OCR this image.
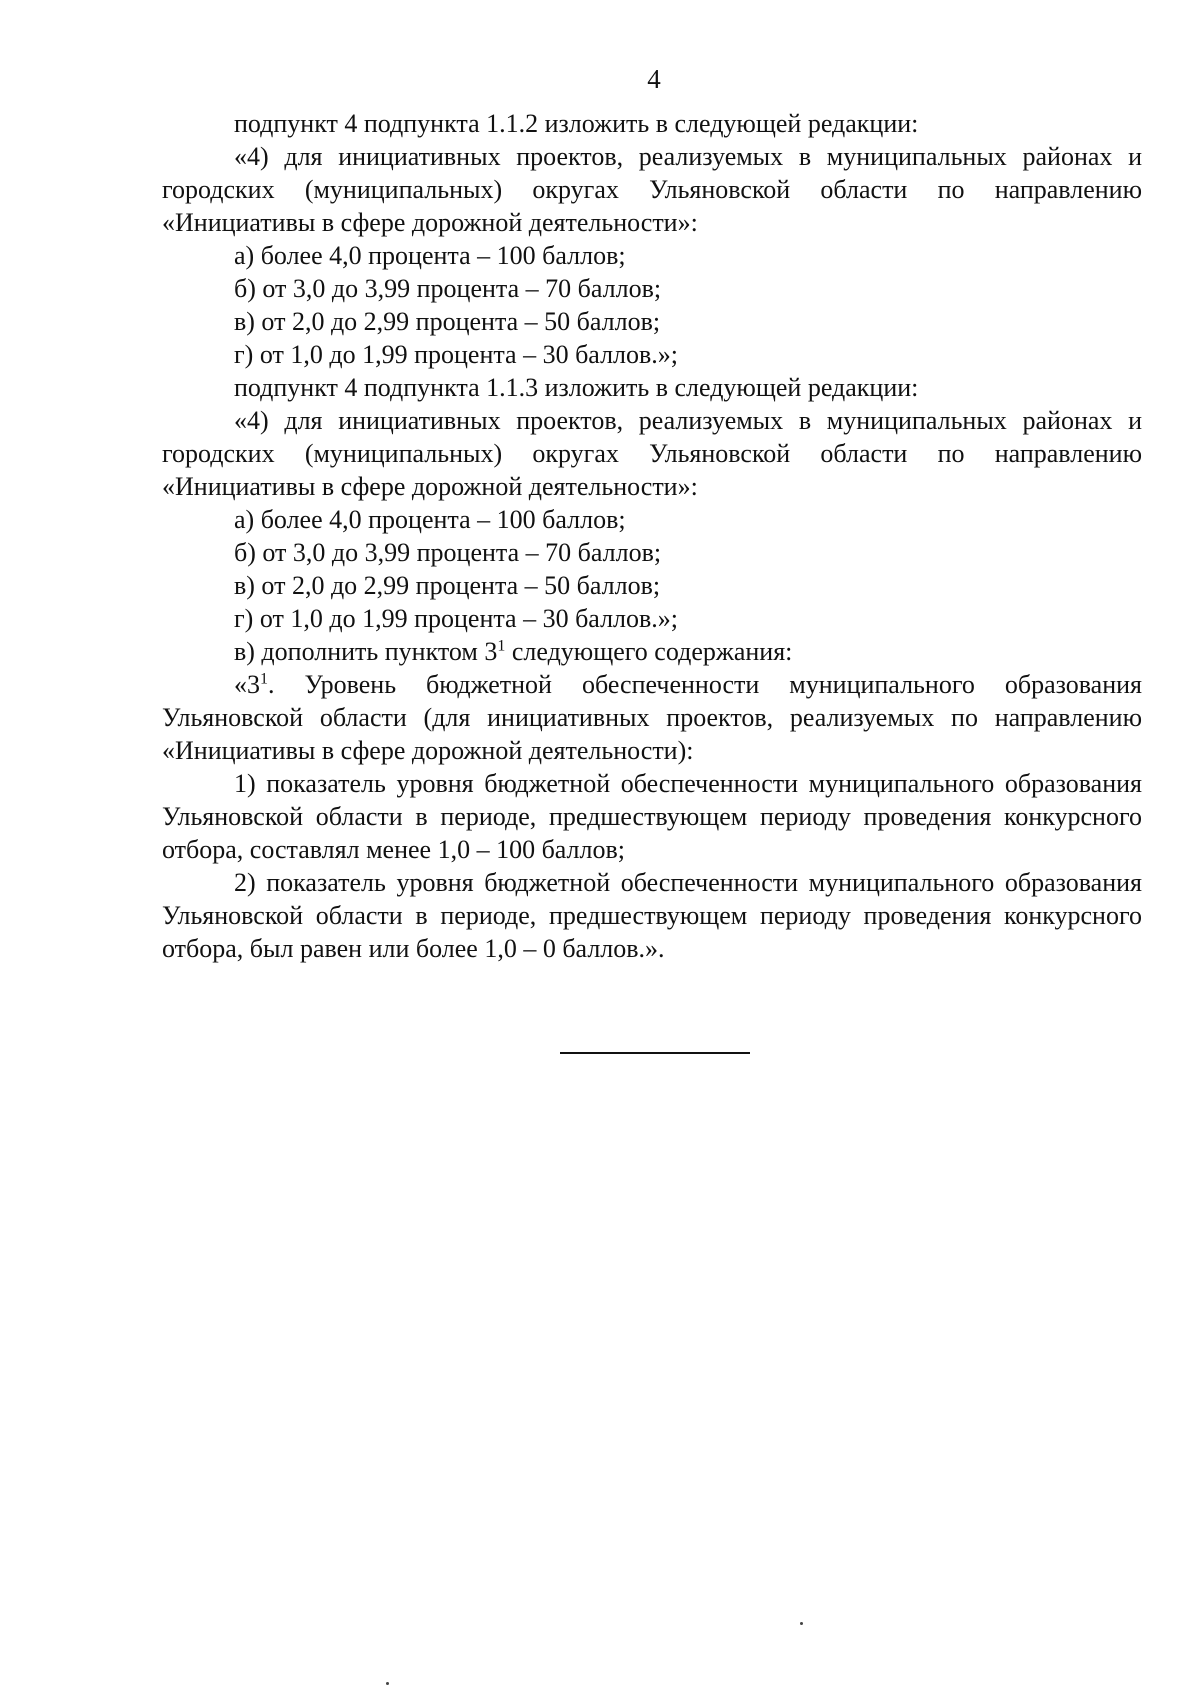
4

подпункт 4 подпункта 1.1.2 изложить в следующей редакции:

«4) для инициативных проектов, реализуемых в муниципальных районах и городских (муниципальных) округах Ульяновской области по направлению «Инициативы в сфере дорожной деятельности»:

а) более 4,0 процента – 100 баллов;

б) от 3,0 до 3,99 процента – 70 баллов;

в) от 2,0 до 2,99 процента – 50 баллов;

г) от 1,0 до 1,99 процента – 30 баллов.»;

подпункт 4 подпункта 1.1.3 изложить в следующей редакции:

«4) для инициативных проектов, реализуемых в муниципальных районах и городских (муниципальных) округах Ульяновской области по направлению «Инициативы в сфере дорожной деятельности»:

а) более 4,0 процента – 100 баллов;

б) от 3,0 до 3,99 процента – 70 баллов;

в) от 2,0 до 2,99 процента – 50 баллов;

г) от 1,0 до 1,99 процента – 30 баллов.»;

в) дополнить пунктом $3^1$ следующего содержания:

«$3^1$. Уровень бюджетной обеспеченности муниципального образования Ульяновской области (для инициативных проектов, реализуемых по направлению «Инициативы в сфере дорожной деятельности):

1) показатель уровня бюджетной обеспеченности муниципального образования Ульяновской области в периоде, предшествующем периоду проведения конкурсного отбора, составлял менее 1,0 – 100 баллов;

2) показатель уровня бюджетной обеспеченности муниципального образования Ульяновской области в периоде, предшествующем периоду проведения конкурсного отбора, был равен или более 1,0 – 0 баллов.».
